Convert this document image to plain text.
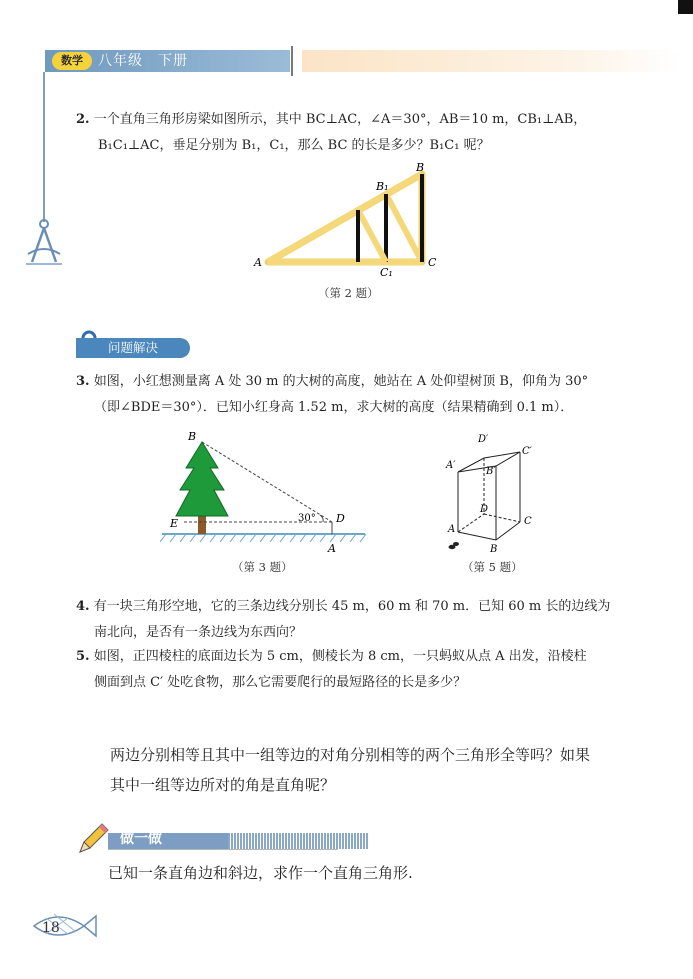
数学	八年级　下册
2. 一个直角三角形房梁如图所示，其中 BC⊥AC，∠A＝30°，AB＝10 m，CB₁⊥AB，
B₁C₁⊥AC，垂足分别为 B₁，C₁，那么 BC 的长是多少？B₁C₁ 呢？
A
B
B₁
C
C₁
（第 2 题）
问题解决
3. 如图，小红想测量离 A 处 30 m 的大树的高度，她站在 A 处仰望树顶 B，仰角为 30°
（即∠BDE＝30°）．已知小红身高 1.52 m，求大树的高度（结果精确到 0.1 m）．
B
E	D
A
30°
（第 3 题）
D′
A′
B′
C′
D
A
B
C
（第 5 题）
4. 有一块三角形空地，它的三条边线分别长 45 m，60 m 和 70 m．已知 60 m 长的边线为
南北向，是否有一条边线为东西向？
5. 如图，正四棱柱的底面边长为 5 cm，侧棱长为 8 cm，一只蚂蚁从点 A 出发，沿棱柱
侧面到点 C′ 处吃食物，那么它需要爬行的最短路径的长是多少？
两边分别相等且其中一组等边的对角分别相等的两个三角形全等吗？如果
其中一组等边所对的角是直角呢？
做一做
已知一条直角边和斜边，求作一个直角三角形.
18
